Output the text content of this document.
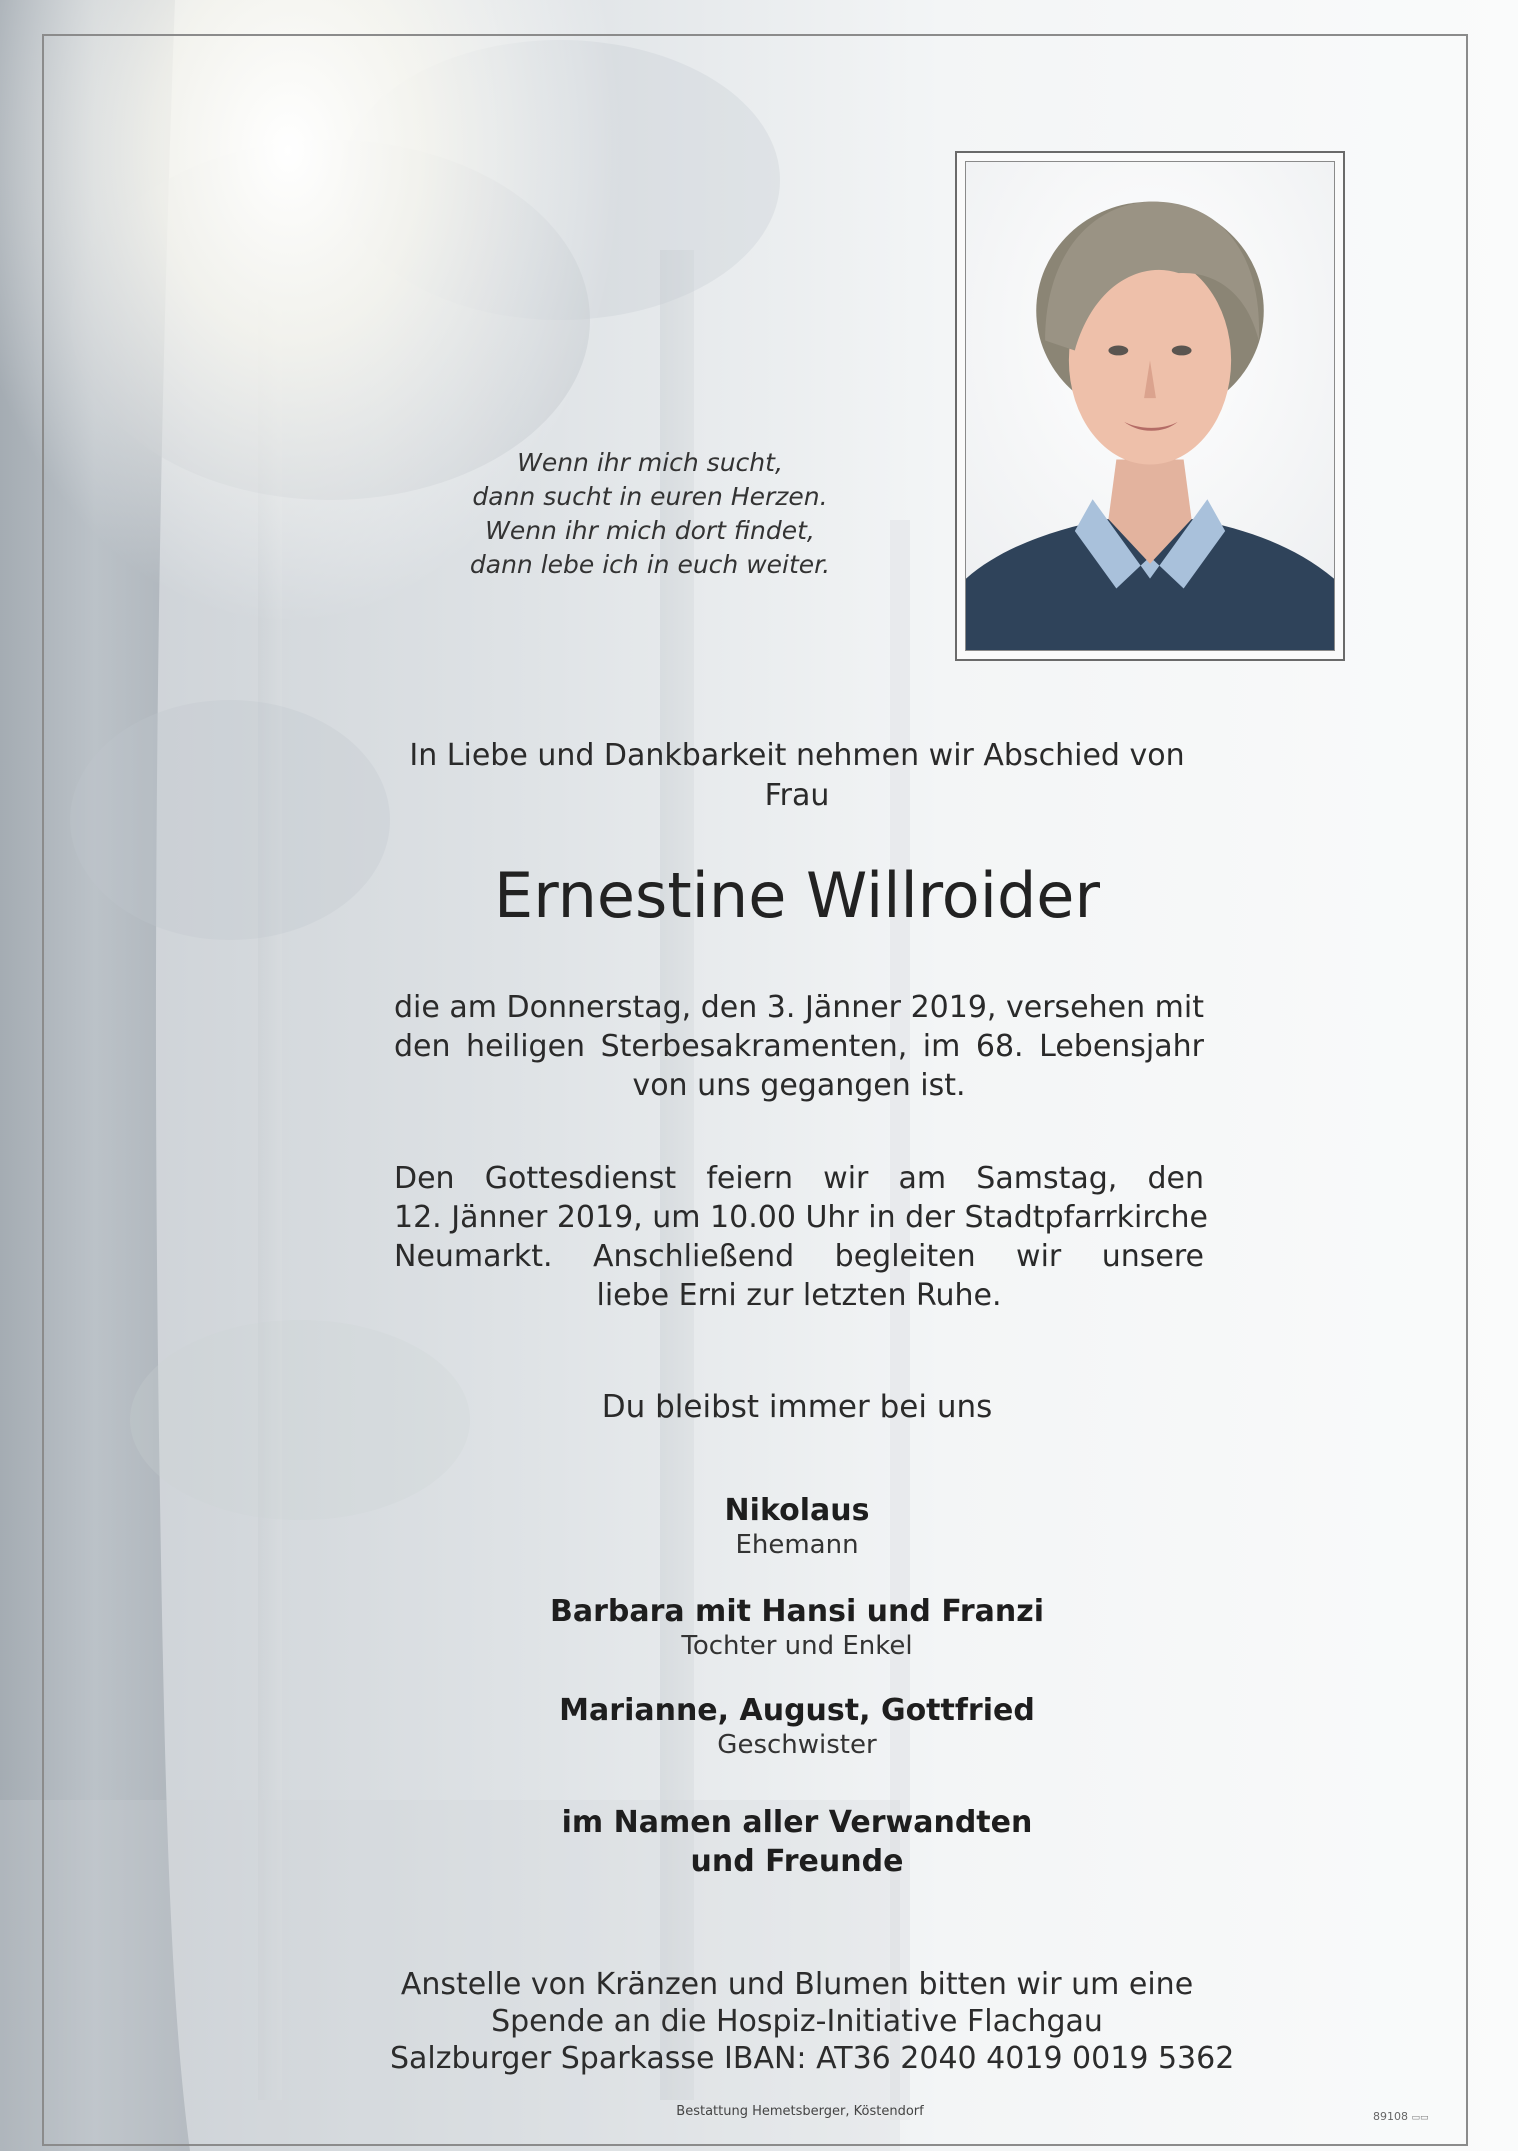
Wenn ihr mich sucht,
dann sucht in euren Herzen.
Wenn ihr mich dort findet,
dann lebe ich in euch weiter.
In Liebe und Dankbarkeit nehmen wir Abschied von
Frau
Ernestine Willroider
die am Donnerstag, den 3. Jänner 2019, versehen mit
den heiligen Sterbesakramenten, im 68. Lebensjahr
von uns gegangen ist.
Den Gottesdienst feiern wir am Samstag, den
12. Jänner 2019, um 10.00 Uhr in der Stadtpfarrkirche
Neumarkt. Anschließend begleiten wir unsere
liebe Erni zur letzten Ruhe.
Du bleibst immer bei uns
Nikolaus
Ehemann
Barbara mit Hansi und Franzi
Tochter und Enkel
Marianne, August, Gottfried
Geschwister
im Namen aller Verwandten
und Freunde
Anstelle von Kränzen und Blumen bitten wir um eine
Spende an die Hospiz-Initiative Flachgau
Salzburger Sparkasse IBAN: AT36 2040 4019 0019 5362
Bestattung Hemetsberger, Köstendorf	89108 ▭▭
